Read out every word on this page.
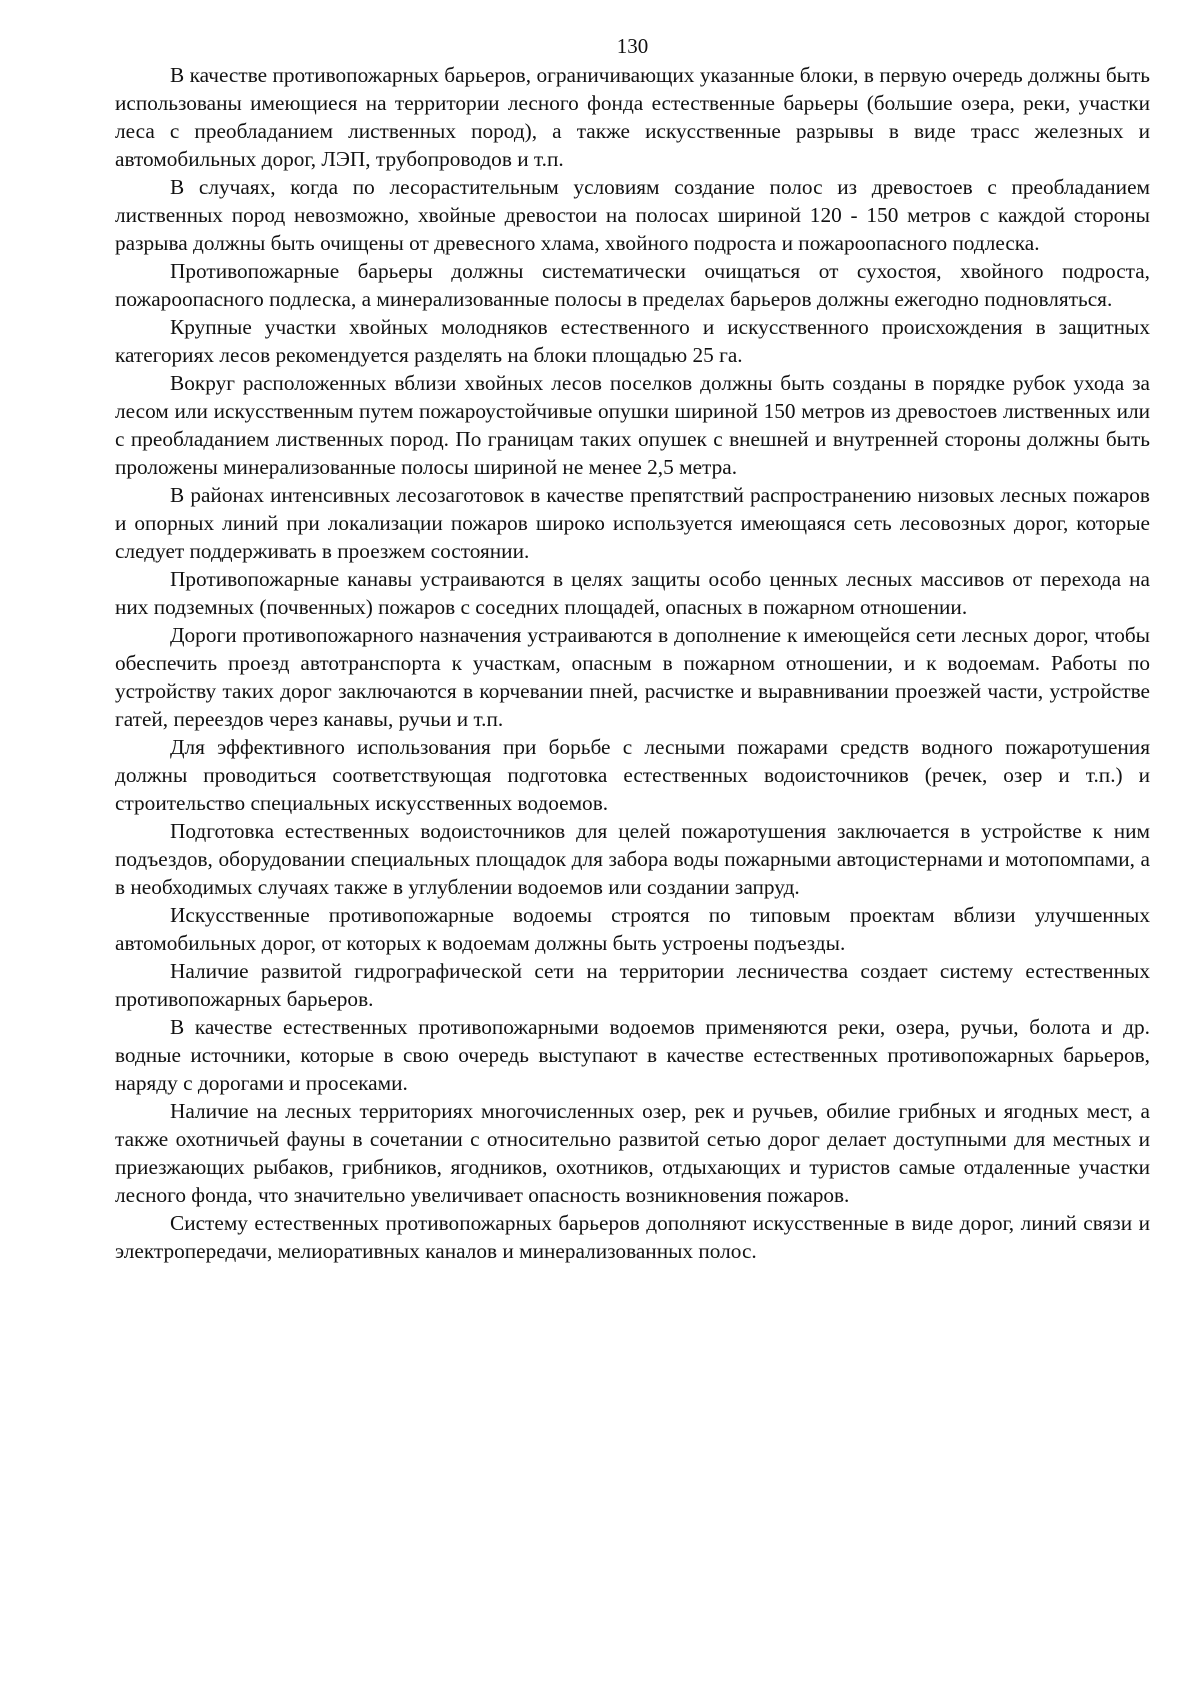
130

В качестве противопожарных барьеров, ограничивающих указанные блоки, в первую очередь должны быть использованы имеющиеся на территории лесного фонда естественные барьеры (большие озера, реки, участки леса с преобладанием лиственных пород), а также искусственные разрывы в виде трасс железных и автомобильных дорог, ЛЭП, трубопроводов и т.п.

В случаях, когда по лесорастительным условиям создание полос из древостоев с преобладанием лиственных пород невозможно, хвойные древостои на полосах шириной 120 - 150 метров с каждой стороны разрыва должны быть очищены от древесного хлама, хвойного подроста и пожароопасного подлеска.

Противопожарные барьеры должны систематически очищаться от сухостоя, хвойного подроста, пожароопасного подлеска, а минерализованные полосы в пределах барьеров должны ежегодно подновляться.

Крупные участки хвойных молодняков естественного и искусственного происхождения в защитных категориях лесов рекомендуется разделять на блоки площадью 25 га.

Вокруг расположенных вблизи хвойных лесов поселков должны быть созданы в порядке рубок ухода за лесом или искусственным путем пожароустойчивые опушки шириной 150 метров из древостоев лиственных или с преобладанием лиственных пород. По границам таких опушек с внешней и внутренней стороны должны быть проложены минерализованные полосы шириной не менее 2,5 метра.

В районах интенсивных лесозаготовок в качестве препятствий распространению низовых лесных пожаров и опорных линий при локализации пожаров широко используется имеющаяся сеть лесовозных дорог, которые следует поддерживать в проезжем состоянии.

Противопожарные канавы устраиваются в целях защиты особо ценных лесных массивов от перехода на них подземных (почвенных) пожаров с соседних площадей, опасных в пожарном отношении.

Дороги противопожарного назначения устраиваются в дополнение к имеющейся сети лесных дорог, чтобы обеспечить проезд автотранспорта к участкам, опасным в пожарном отношении, и к водоемам. Работы по устройству таких дорог заключаются в корчевании пней, расчистке и выравнивании проезжей части, устройстве гатей, переездов через канавы, ручьи и т.п.

Для эффективного использования при борьбе с лесными пожарами средств водного пожаротушения должны проводиться соответствующая подготовка естественных водоисточников (речек, озер и т.п.) и строительство специальных искусственных водоемов.

Подготовка естественных водоисточников для целей пожаротушения заключается в устройстве к ним подъездов, оборудовании специальных площадок для забора воды пожарными автоцистернами и мотопомпами, а в необходимых случаях также в углублении водоемов или создании запруд.

Искусственные противопожарные водоемы строятся по типовым проектам вблизи улучшенных автомобильных дорог, от которых к водоемам должны быть устроены подъезды.

Наличие развитой гидрографической сети на территории лесничества создает систему естественных противопожарных барьеров.

В качестве естественных противопожарными водоемов применяются реки, озера, ручьи, болота и др. водные источники, которые в свою очередь выступают в качестве естественных противопожарных барьеров, наряду с дорогами и просеками.

Наличие на лесных территориях многочисленных озер, рек и ручьев, обилие грибных и ягодных мест, а также охотничьей фауны в сочетании с относительно развитой сетью дорог делает доступными для местных и приезжающих рыбаков, грибников, ягодников, охотников, отдыхающих и туристов самые отдаленные участки лесного фонда, что значительно увеличивает опасность возникновения пожаров.

Систему естественных противопожарных барьеров дополняют искусственные в виде дорог, линий связи и электропередачи, мелиоративных каналов и минерализованных полос.
